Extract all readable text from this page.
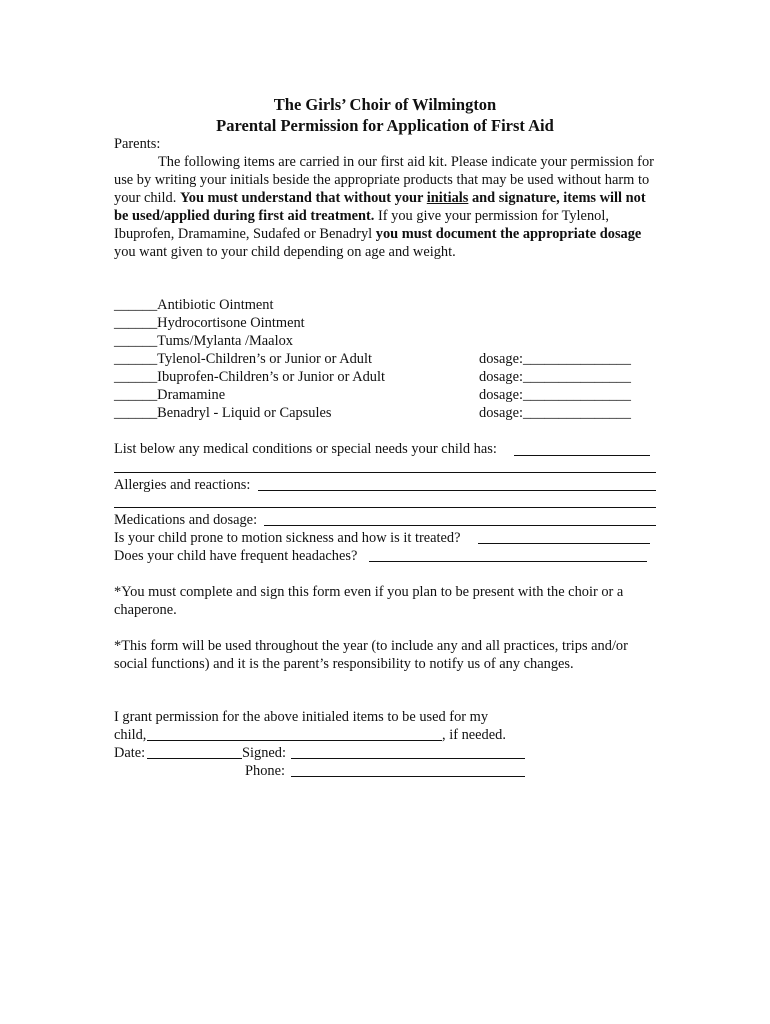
The Girls’ Choir of Wilmington
Parental Permission for Application of First Aid
Parents:
The following items are carried in our first aid kit. Please indicate your permission for use by writing your initials beside the appropriate products that may be used without harm to your child. You must understand that without your initials and signature, items will not be used/applied during first aid treatment. If you give your permission for Tylenol, Ibuprofen, Dramamine, Sudafed or Benadryl you must document the appropriate dosage you want given to your child depending on age and weight.
______Antibiotic Ointment
______Hydrocortisone Ointment
______Tums/Mylanta /Maalox
______Tylenol-Children’s or Junior or Adult	dosage:_______________
______Ibuprofen-Children’s or Junior or Adult	dosage:_______________
______Dramamine	dosage:_______________
______Benadryl - Liquid or Capsules	dosage:_______________
List below any medical conditions or special needs your child has:
Allergies and reactions:
Medications and dosage:
Is your child prone to motion sickness and how is it treated?
Does your child have frequent headaches?
*You must complete and sign this form even if you plan to be present with the choir or a chaperone.
*This form will be used throughout the year (to include any and all practices, trips and/or social functions) and it is the parent’s responsibility to notify us of any changes.
I grant permission for the above initialed items to be used for my
child,	, if needed.
Date:	Signed:
Phone:
